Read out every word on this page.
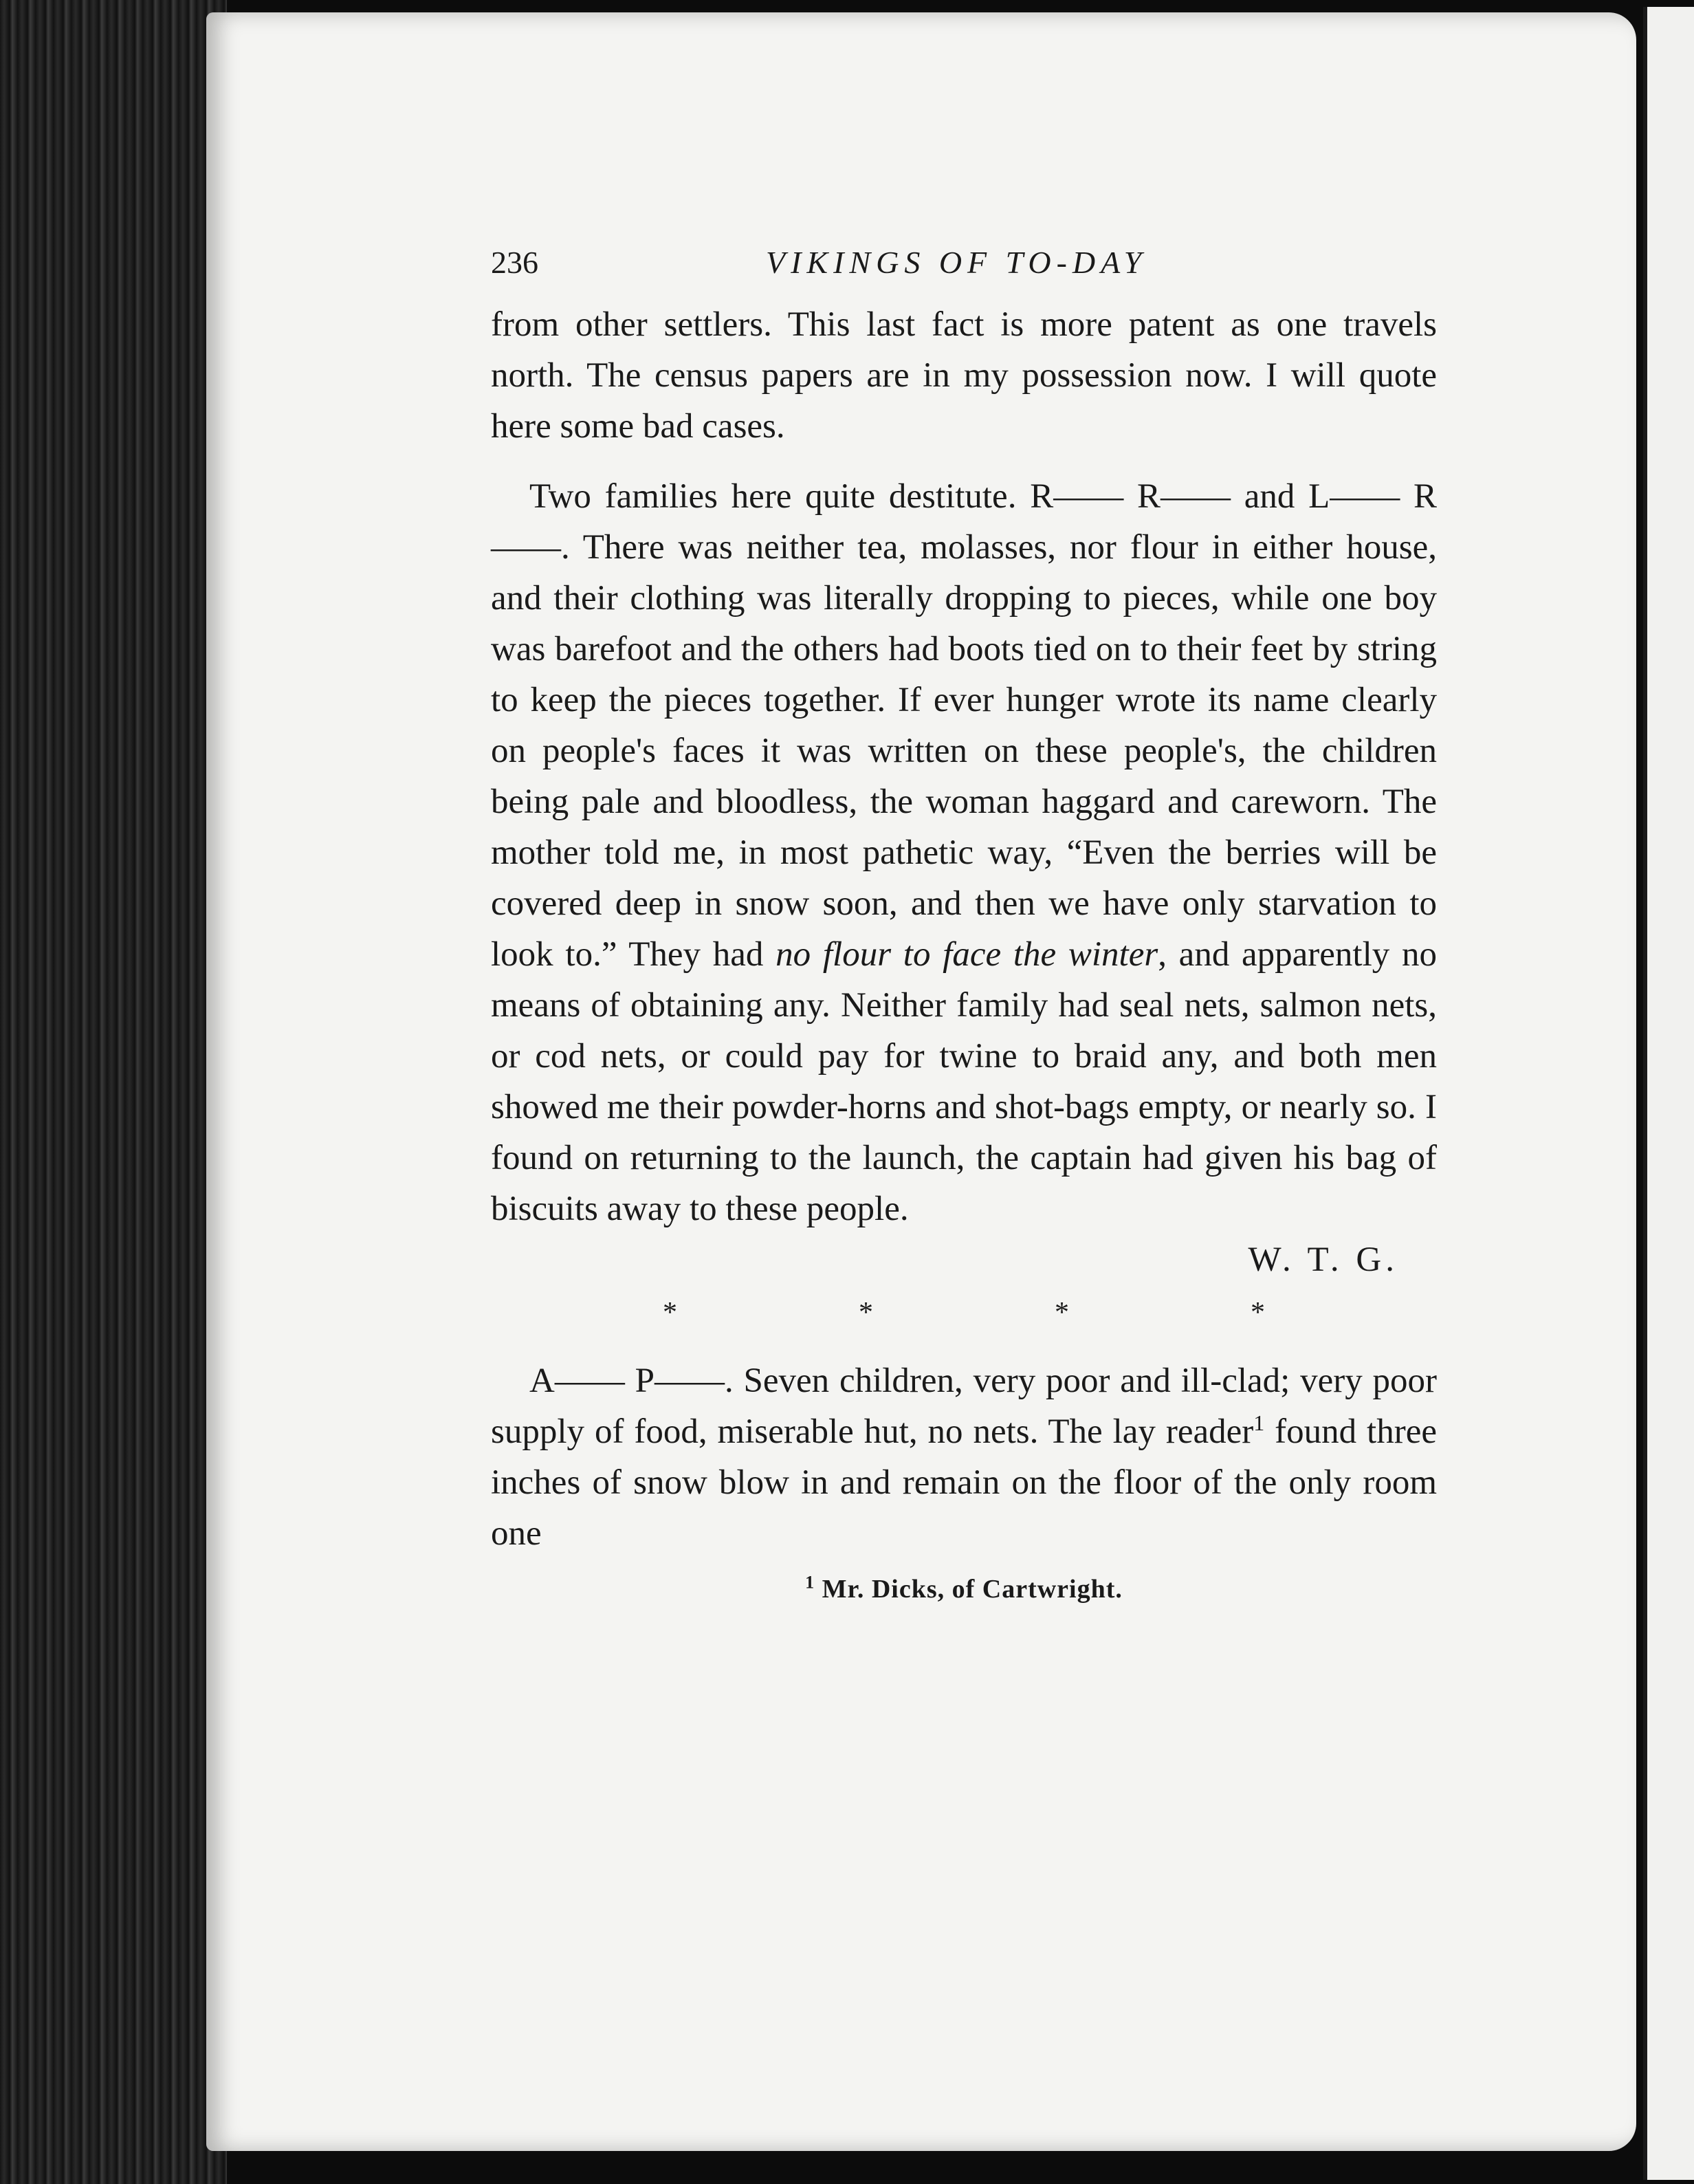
236	VIKINGS OF TO-DAY

from other settlers. This last fact is more patent as one travels north. The census papers are in my possession now. I will quote here some bad cases.

Two families here quite destitute. R—— R—— and L—— R——. There was neither tea, molasses, nor flour in either house, and their clothing was literally dropping to pieces, while one boy was barefoot and the others had boots tied on to their feet by string to keep the pieces together. If ever hunger wrote its name clearly on people's faces it was written on these people's, the children being pale and bloodless, the woman haggard and careworn. The mother told me, in most pathetic way, “Even the berries will be covered deep in snow soon, and then we have only starvation to look to.” They had no flour to face the winter, and apparently no means of obtaining any. Neither family had seal nets, salmon nets, or cod nets, or could pay for twine to braid any, and both men showed me their powder-horns and shot-bags empty, or nearly so. I found on returning to the launch, the captain had given his bag of biscuits away to these people.

W. T. G.

*	*	*	*

A—— P——. Seven children, very poor and ill-clad; very poor supply of food, miserable hut, no nets. The lay reader$^1$ found three inches of snow blow in and remain on the floor of the only room one

$^1$ Mr. Dicks, of Cartwright.
